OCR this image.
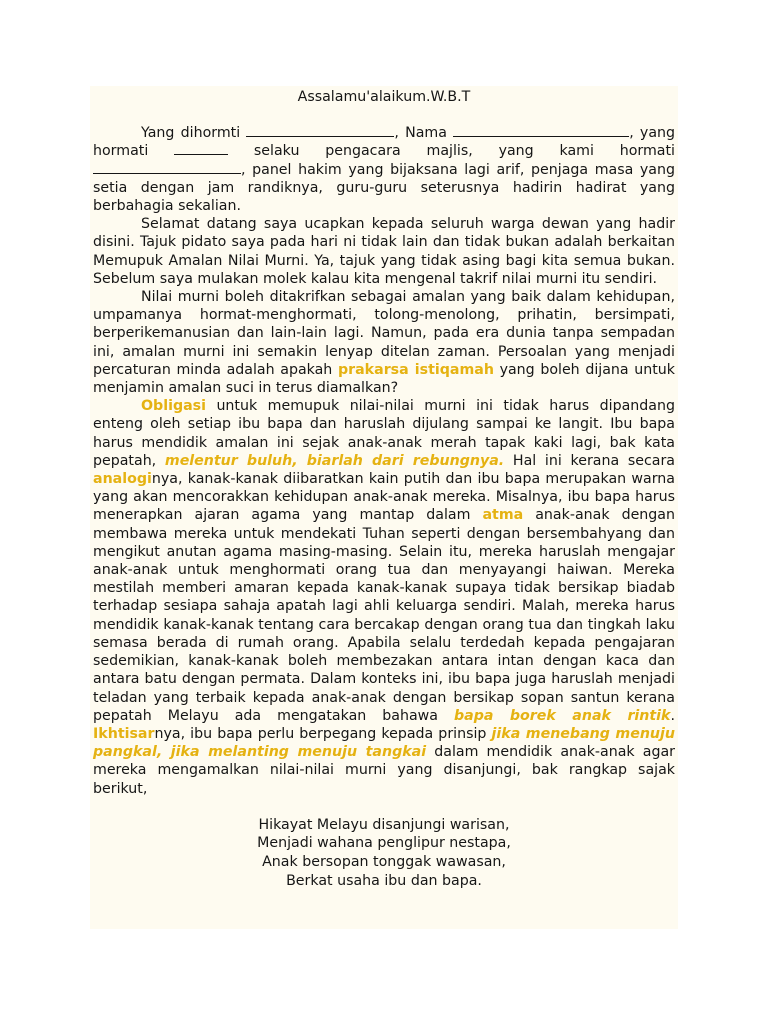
Assalamu'alaikum.W.B.T

Yang dihormti	, Nama	, yang hormati	selaku pengacara majlis, yang kami hormati , panel hakim yang bijaksana lagi arif, penjaga masa yang setia dengan jam randiknya, guru-guru seterusnya hadirin hadirat yang berbahagia sekalian.

Selamat datang saya ucapkan kepada seluruh warga dewan yang hadir disini. Tajuk pidato saya pada hari ni tidak lain dan tidak bukan adalah berkaitan Memupuk Amalan Nilai Murni. Ya, tajuk yang tidak asing bagi kita semua bukan. Sebelum saya mulakan molek kalau kita mengenal takrif nilai murni itu sendiri.

Nilai murni boleh ditakrifkan sebagai amalan yang baik dalam kehidupan, umpamanya hormat-menghormati, tolong-menolong, prihatin, bersimpati, berperikemanusian dan lain-lain lagi. Namun, pada era dunia tanpa sempadan ini, amalan murni ini semakin lenyap ditelan zaman. Persoalan yang menjadi percaturan minda adalah apakah prakarsa istiqamah yang boleh dijana untuk menjamin amalan suci in terus diamalkan?

Obligasi untuk memupuk nilai-nilai murni ini tidak harus dipandang enteng oleh setiap ibu bapa dan haruslah dijulang sampai ke langit. Ibu bapa harus mendidik amalan ini sejak anak-anak merah tapak kaki lagi, bak kata pepatah, melentur buluh, biarlah dari rebungnya. Hal ini kerana secara analoginya, kanak-kanak diibaratkan kain putih dan ibu bapa merupakan warna yang akan mencorakkan kehidupan anak-anak mereka. Misalnya, ibu bapa harus menerapkan ajaran agama yang mantap dalam atma anak-anak dengan membawa mereka untuk mendekati Tuhan seperti dengan bersembahyang dan mengikut anutan agama masing-masing. Selain itu, mereka haruslah mengajar anak-anak untuk menghormati orang tua dan menyayangi haiwan. Mereka mestilah memberi amaran kepada kanak-kanak supaya tidak bersikap biadab terhadap sesiapa sahaja apatah lagi ahli keluarga sendiri. Malah, mereka harus mendidik kanak-kanak tentang cara bercakap dengan orang tua dan tingkah laku semasa berada di rumah orang. Apabila selalu terdedah kepada pengajaran sedemikian, kanak-kanak boleh membezakan antara intan dengan kaca dan antara batu dengan permata. Dalam konteks ini, ibu bapa juga haruslah menjadi teladan yang terbaik kepada anak-anak dengan bersikap sopan santun kerana pepatah Melayu ada mengatakan bahawa bapa borek anak rintik. Ikhtisarnya, ibu bapa perlu berpegang kepada prinsip jika menebang menuju pangkal, jika melanting menuju tangkai dalam mendidik anak-anak agar mereka mengamalkan nilai-nilai murni yang disanjungi, bak rangkap sajak berikut,

Hikayat Melayu disanjungi warisan,
Menjadi wahana penglipur nestapa,
Anak bersopan tonggak wawasan,
Berkat usaha ibu dan bapa.
